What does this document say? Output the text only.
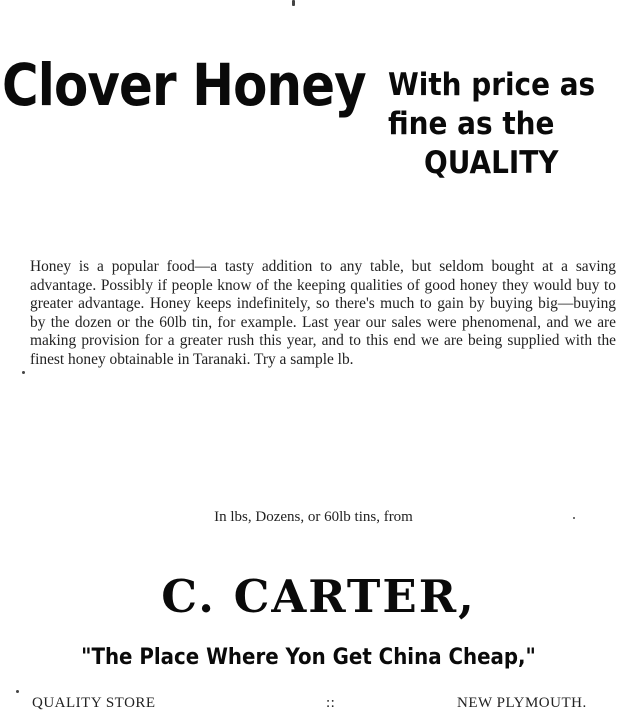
Clover Honey With price as
fine as the
QUALITY
Honey is a popular food—a tasty addition to any table, but seldom bought at a saving advantage. Possibly if people know of the keeping qualities of good honey they would buy to greater advantage. Honey keeps indefinitely, so there's much to gain by buying big—buying by the dozen or the 60lb tin, for example. Last year our sales were phenomenal, and we are making provision for a greater rush this year, and to this end we are being supplied with the finest honey obtainable in Taranaki. Try a sample lb.
In lbs, Dozens, or 60lb tins, from
C. CARTER,
"The Place Where Yon Get China Cheap,"
QUALITY STORE	::	NEW PLYMOUTH.
